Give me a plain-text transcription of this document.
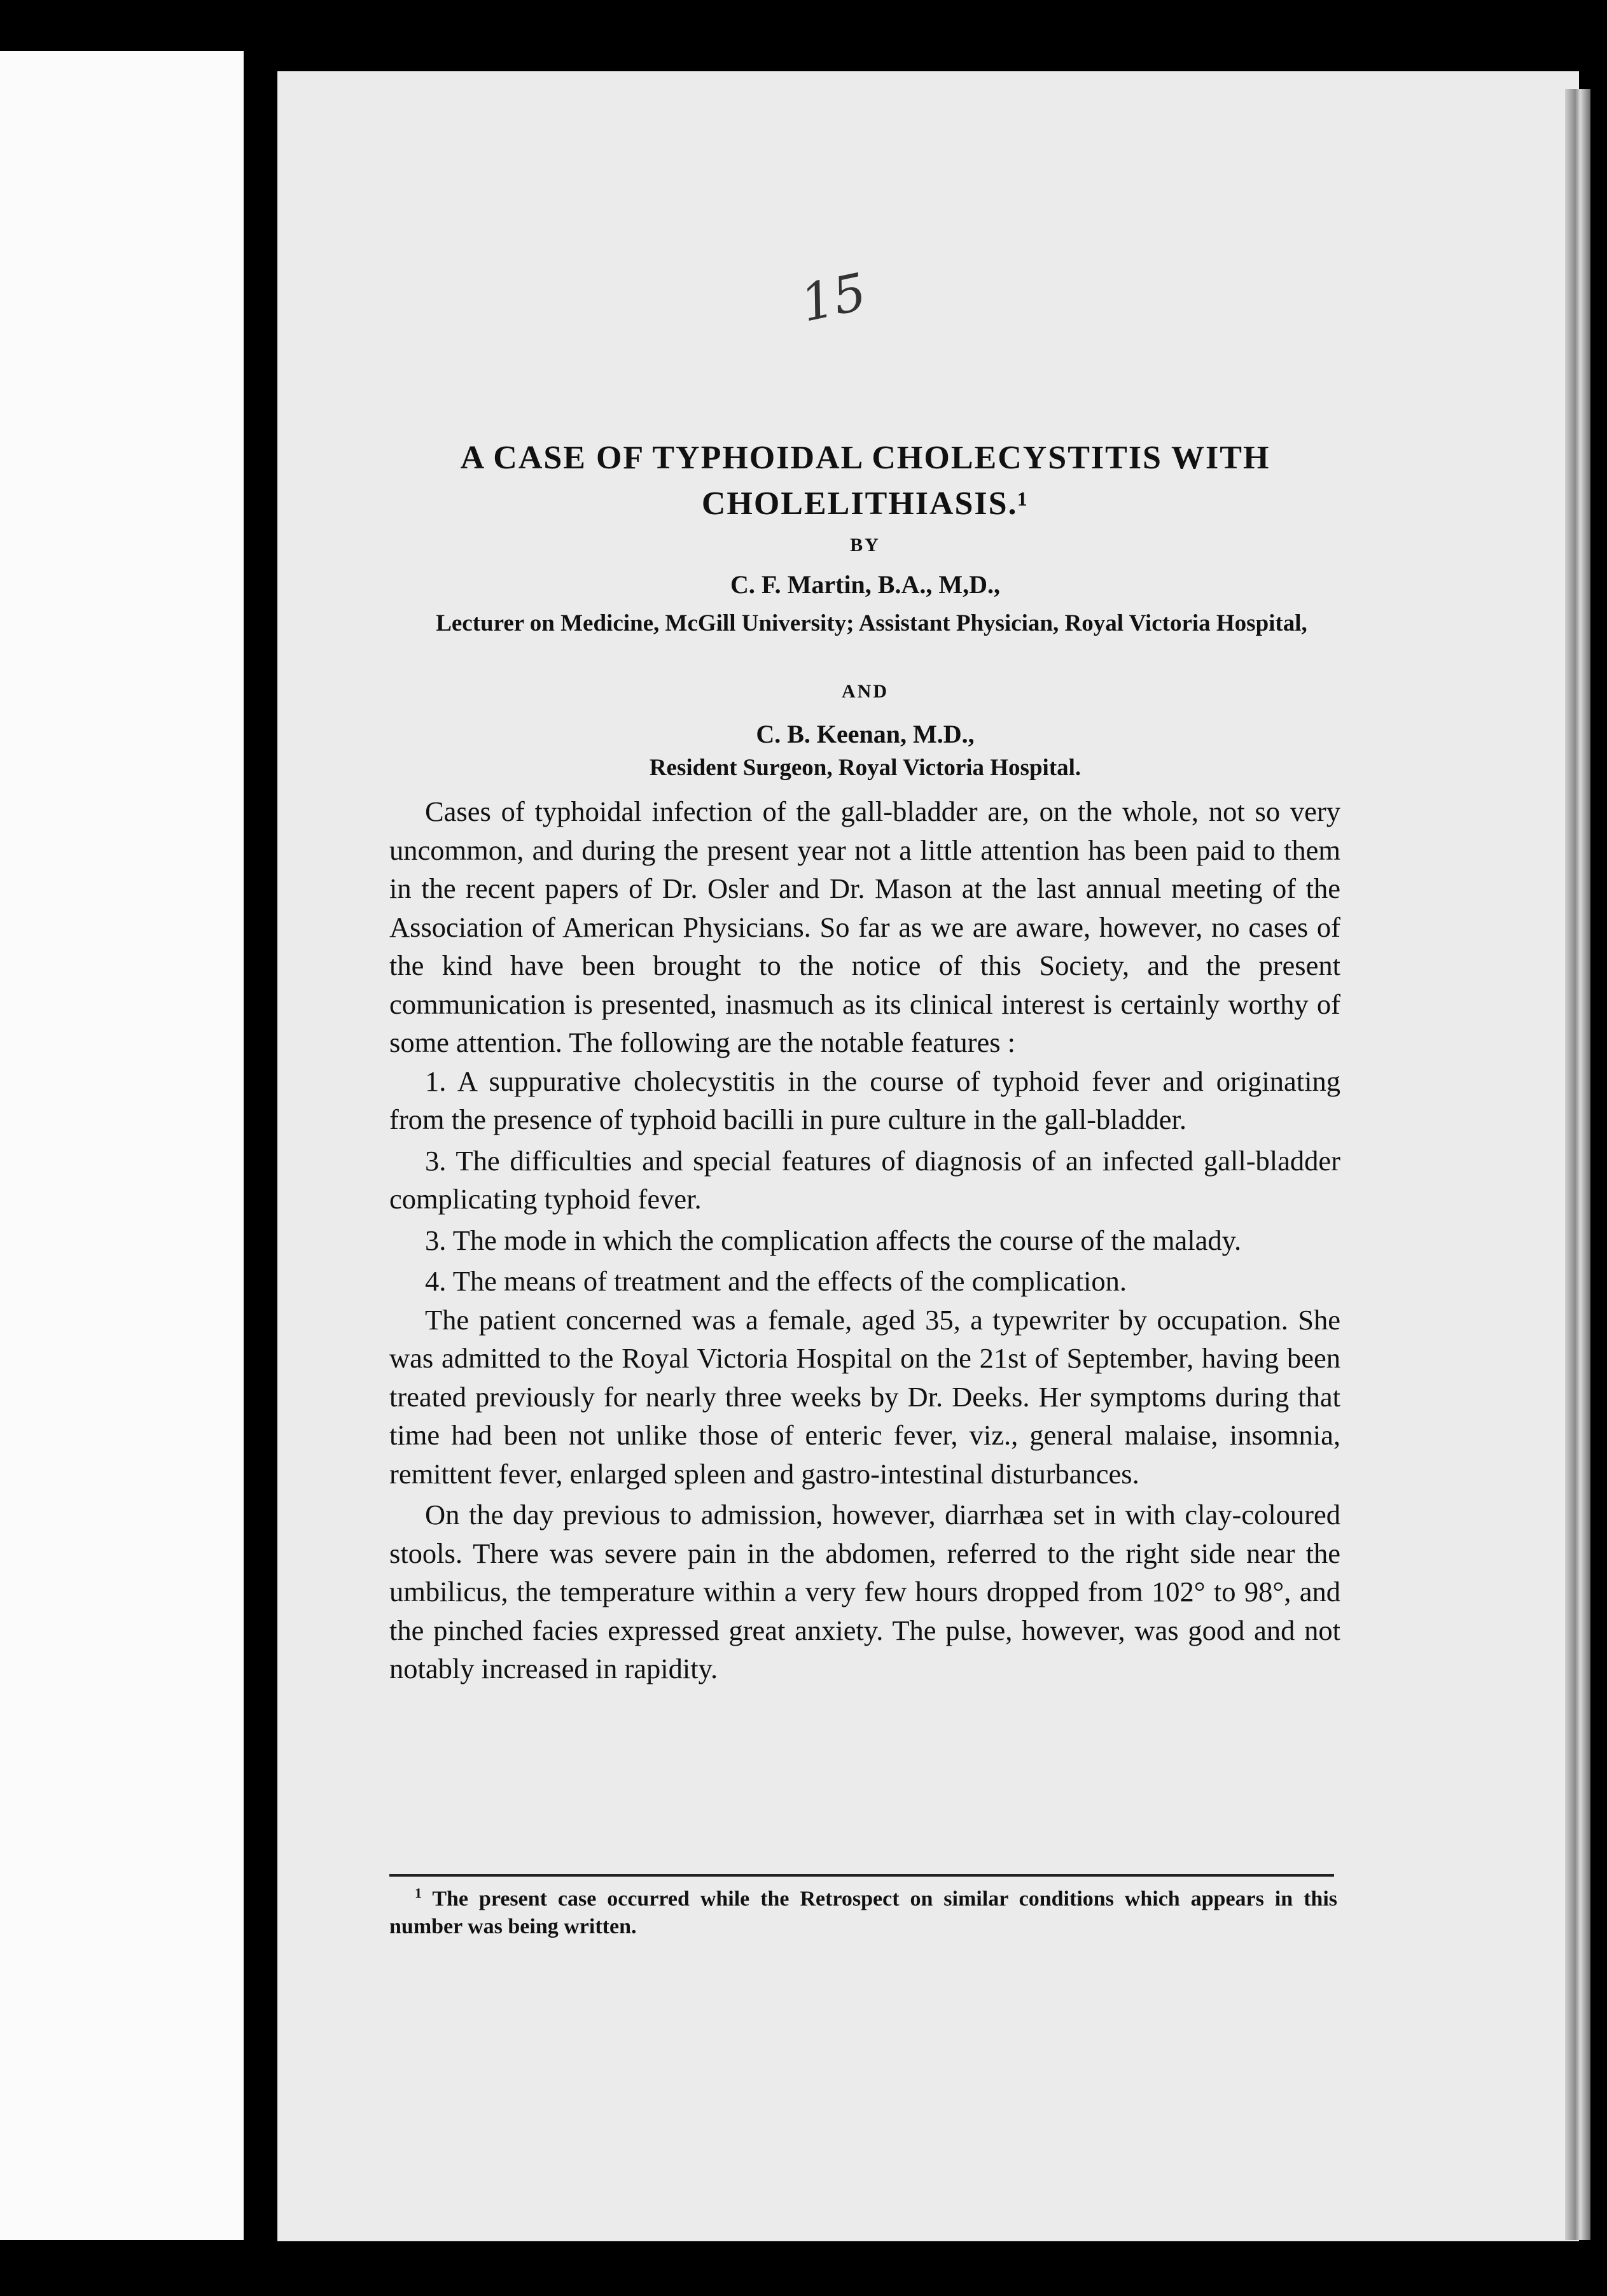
15
A CASE OF TYPHOIDAL CHOLECYSTITIS WITH
CHOLELITHIASIS.¹
BY
C. F. Martin, B.A., M,D.,
Lecturer on Medicine, McGill University; Assistant Physician, Royal Victoria Hospital,
AND
C. B. Keenan, M.D.,
Resident Surgeon, Royal Victoria Hospital.

Cases of typhoidal infection of the gall-bladder are, on the whole, not so very uncommon, and during the present year not a little attention has been paid to them in the recent papers of Dr. Osler and Dr. Mason at the last annual meeting of the Association of American Physicians. So far as we are aware, however, no cases of the kind have been brought to the notice of this Society, and the present communication is presented, inasmuch as its clinical interest is certainly worthy of some attention. The following are the notable features :

1. A suppurative cholecystitis in the course of typhoid fever and originating from the presence of typhoid bacilli in pure culture in the gall-bladder.

3. The difficulties and special features of diagnosis of an infected gall-bladder complicating typhoid fever.

3. The mode in which the complication affects the course of the malady.

4. The means of treatment and the effects of the complication.

The patient concerned was a female, aged 35, a typewriter by occupation. She was admitted to the Royal Victoria Hospital on the 21st of September, having been treated previously for nearly three weeks by Dr. Deeks. Her symptoms during that time had been not unlike those of enteric fever, viz., general malaise, insomnia, remittent fever, enlarged spleen and gastro-intestinal disturbances.

On the day previous to admission, however, diarrhæa set in with clay-coloured stools. There was severe pain in the abdomen, referred to the right side near the umbilicus, the temperature within a very few hours dropped from 102° to 98°, and the pinched facies expressed great anxiety. The pulse, however, was good and not notably increased in rapidity.

$^1$ The present case occurred while the Retrospect on similar conditions which appears in this number was being written.
